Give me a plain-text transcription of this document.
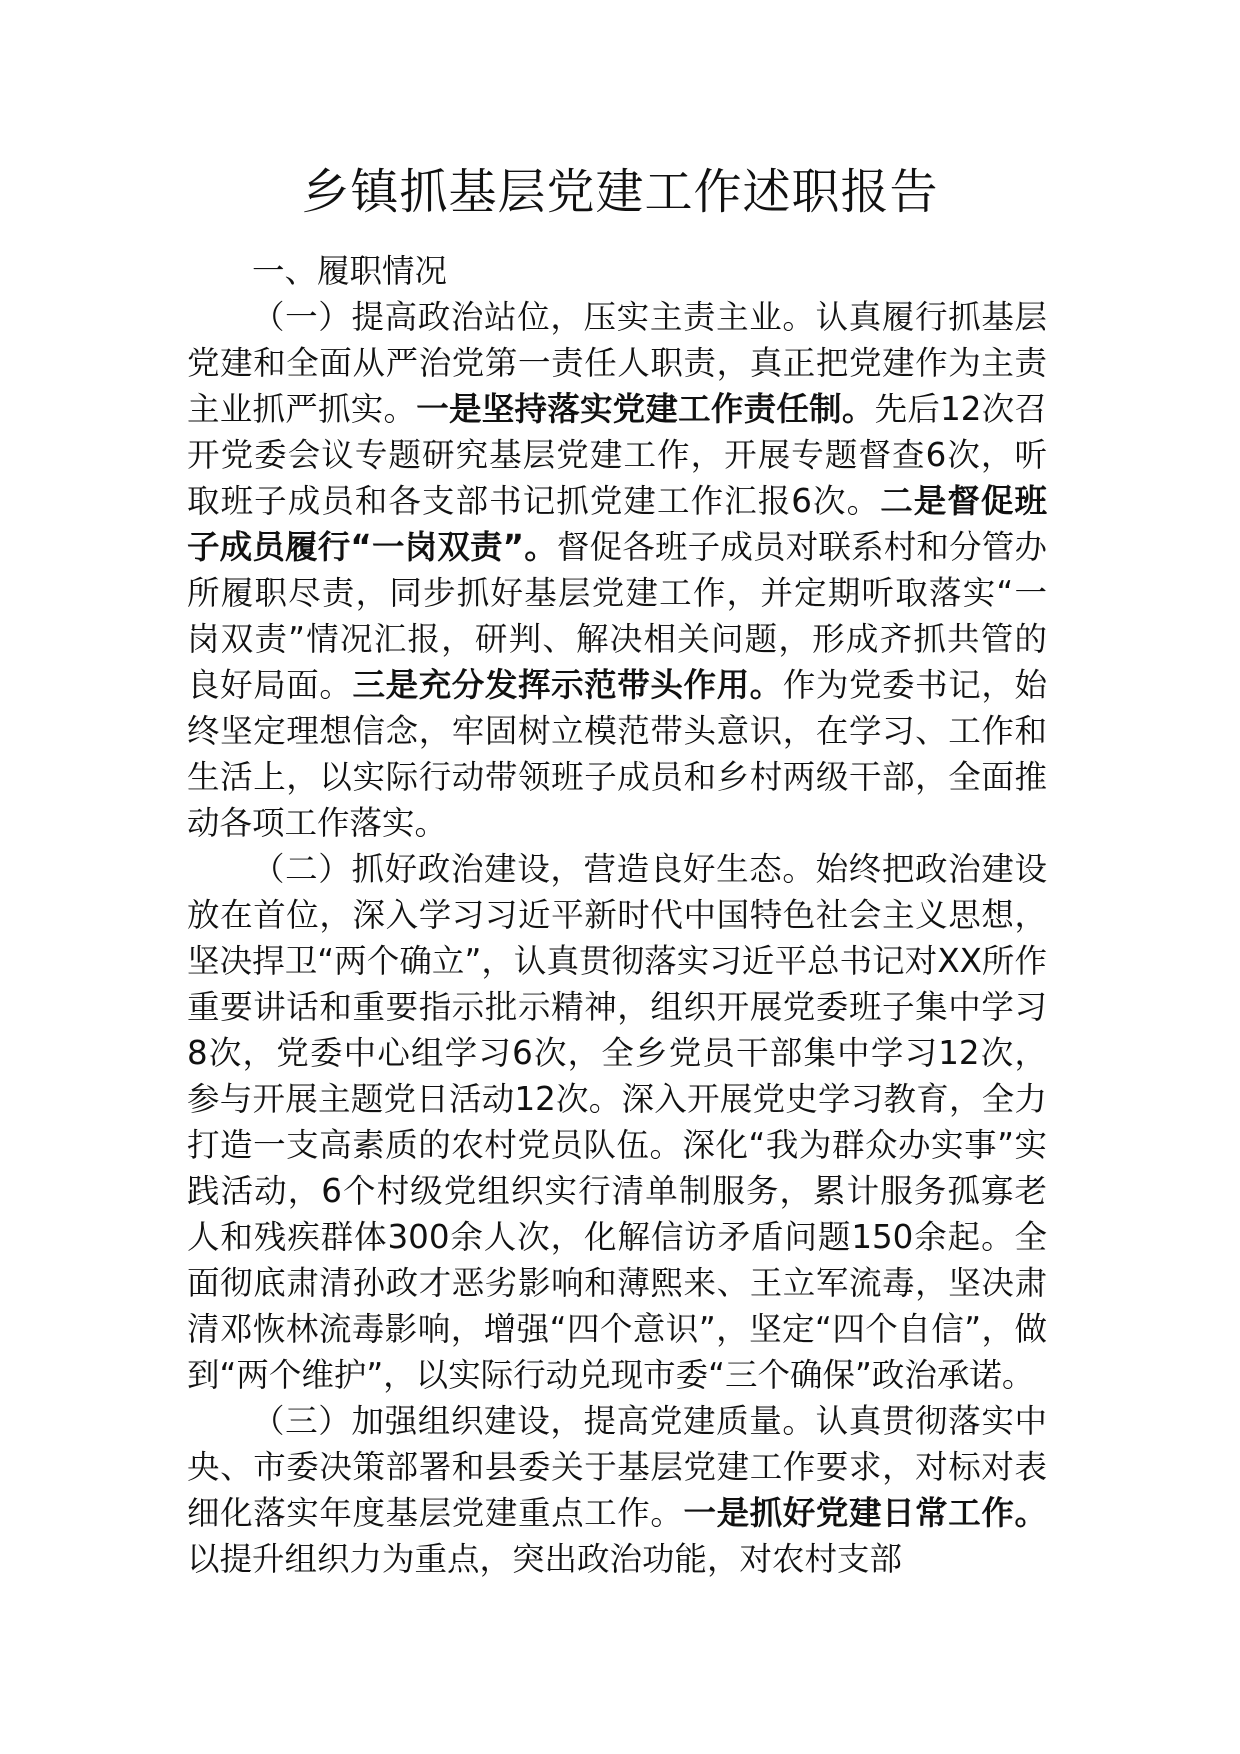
乡镇抓基层党建工作述职报告

一、履职情况

（一）提高政治站位，压实主责主业。认真履行抓基层党建和全面从严治党第一责任人职责，真正把党建作为主责主业抓严抓实。一是坚持落实党建工作责任制。先后12次召开党委会议专题研究基层党建工作，开展专题督查6次，听取班子成员和各支部书记抓党建工作汇报6次。二是督促班子成员履行“一岗双责”。督促各班子成员对联系村和分管办所履职尽责，同步抓好基层党建工作，并定期听取落实“一岗双责”情况汇报，研判、解决相关问题，形成齐抓共管的良好局面。三是充分发挥示范带头作用。作为党委书记，始终坚定理想信念，牢固树立模范带头意识，在学习、工作和生活上，以实际行动带领班子成员和乡村两级干部，全面推动各项工作落实。

（二）抓好政治建设，营造良好生态。始终把政治建设放在首位，深入学习习近平新时代中国特色社会主义思想，坚决捍卫“两个确立”，认真贯彻落实习近平总书记对XX所作重要讲话和重要指示批示精神，组织开展党委班子集中学习8次，党委中心组学习6次，全乡党员干部集中学习12次，参与开展主题党日活动12次。深入开展党史学习教育，全力打造一支高素质的农村党员队伍。深化“我为群众办实事”实践活动，6个村级党组织实行清单制服务，累计服务孤寡老人和残疾群体300余人次，化解信访矛盾问题150余起。全面彻底肃清孙政才恶劣影响和薄熙来、王立军流毒，坚决肃清邓恢林流毒影响，增强“四个意识”，坚定“四个自信”，做到“两个维护”，以实际行动兑现市委“三个确保”政治承诺。

（三）加强组织建设，提高党建质量。认真贯彻落实中央、市委决策部署和县委关于基层党建工作要求，对标对表细化落实年度基层党建重点工作。一是抓好党建日常工作。以提升组织力为重点，突出政治功能，对农村支部
